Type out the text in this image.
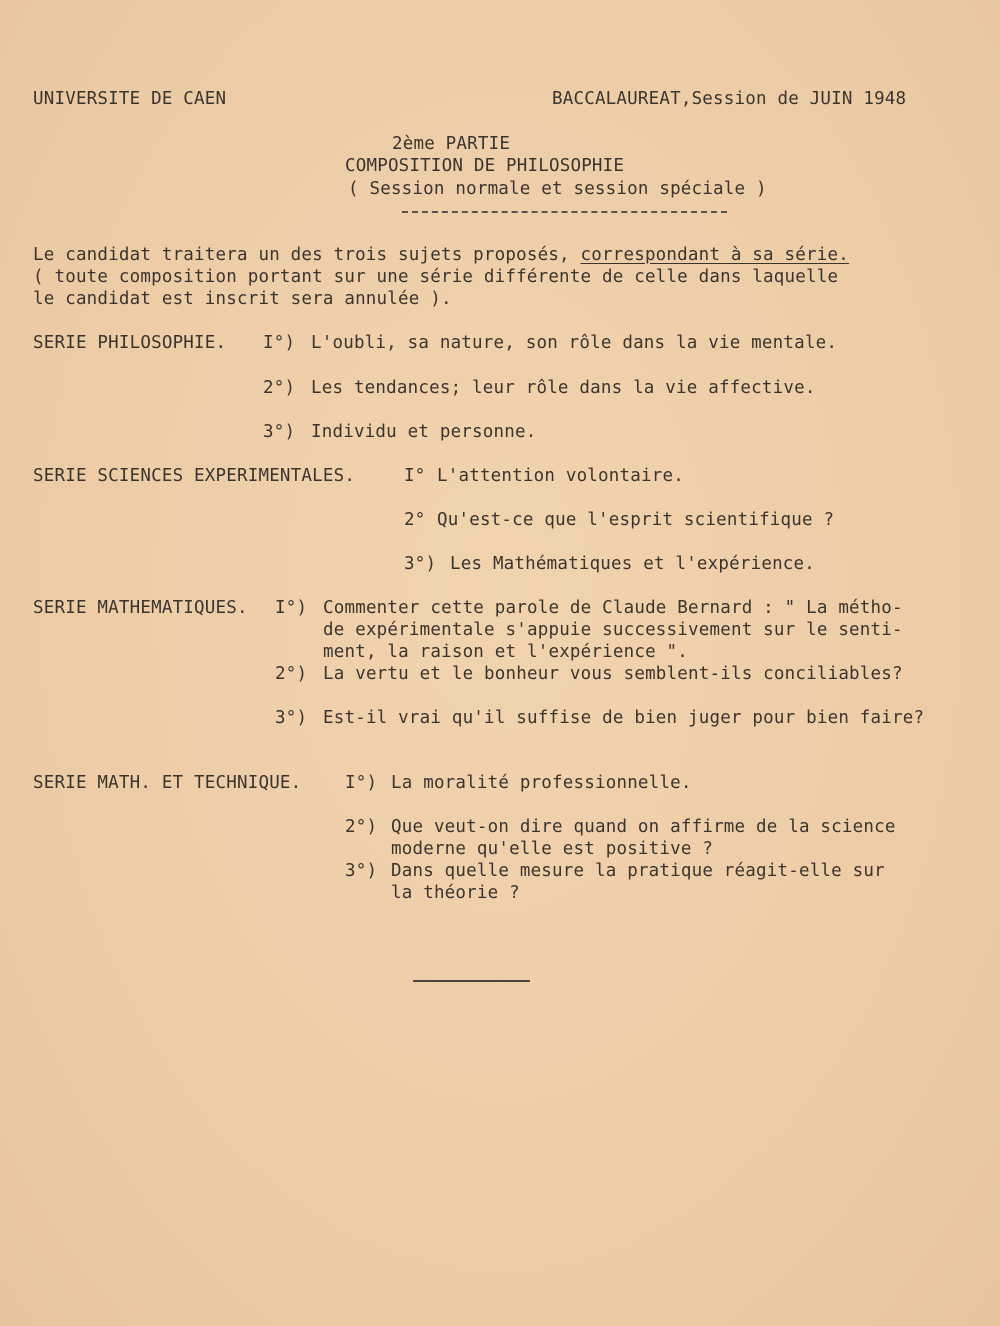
UNIVERSITE DE CAEN	BACCALAUREAT,Session de JUIN 1948
2ème PARTIE
COMPOSITION DE PHILOSOPHIE
( Session normale et session spéciale )
Le candidat traitera un des trois sujets proposés, correspondant à sa série.
( toute composition portant sur une série différente de celle dans laquelle
le candidat est inscrit sera annulée ).
SERIE PHILOSOPHIE. I°) L'oubli, sa nature, son rôle dans la vie mentale.
2°) Les tendances; leur rôle dans la vie affective.
3°) Individu et personne.
SERIE SCIENCES EXPERIMENTALES.	I° L'attention volontaire.
2° Qu'est-ce que l'esprit scientifique ?
3°) Les Mathématiques et l'expérience.
SERIE MATHEMATIQUES. I°) Commenter cette parole de Claude Bernard : " La métho-
de expérimentale s'appuie successivement sur le senti-
ment, la raison et l'expérience ".
2°) La vertu et le bonheur vous semblent-ils conciliables?
3°) Est-il vrai qu'il suffise de bien juger pour bien faire?
SERIE MATH. ET TECHNIQUE. I°) La moralité professionnelle.
2°) Que veut-on dire quand on affirme de la science
moderne qu'elle est positive ?
3°) Dans quelle mesure la pratique réagit-elle sur
la théorie ?
